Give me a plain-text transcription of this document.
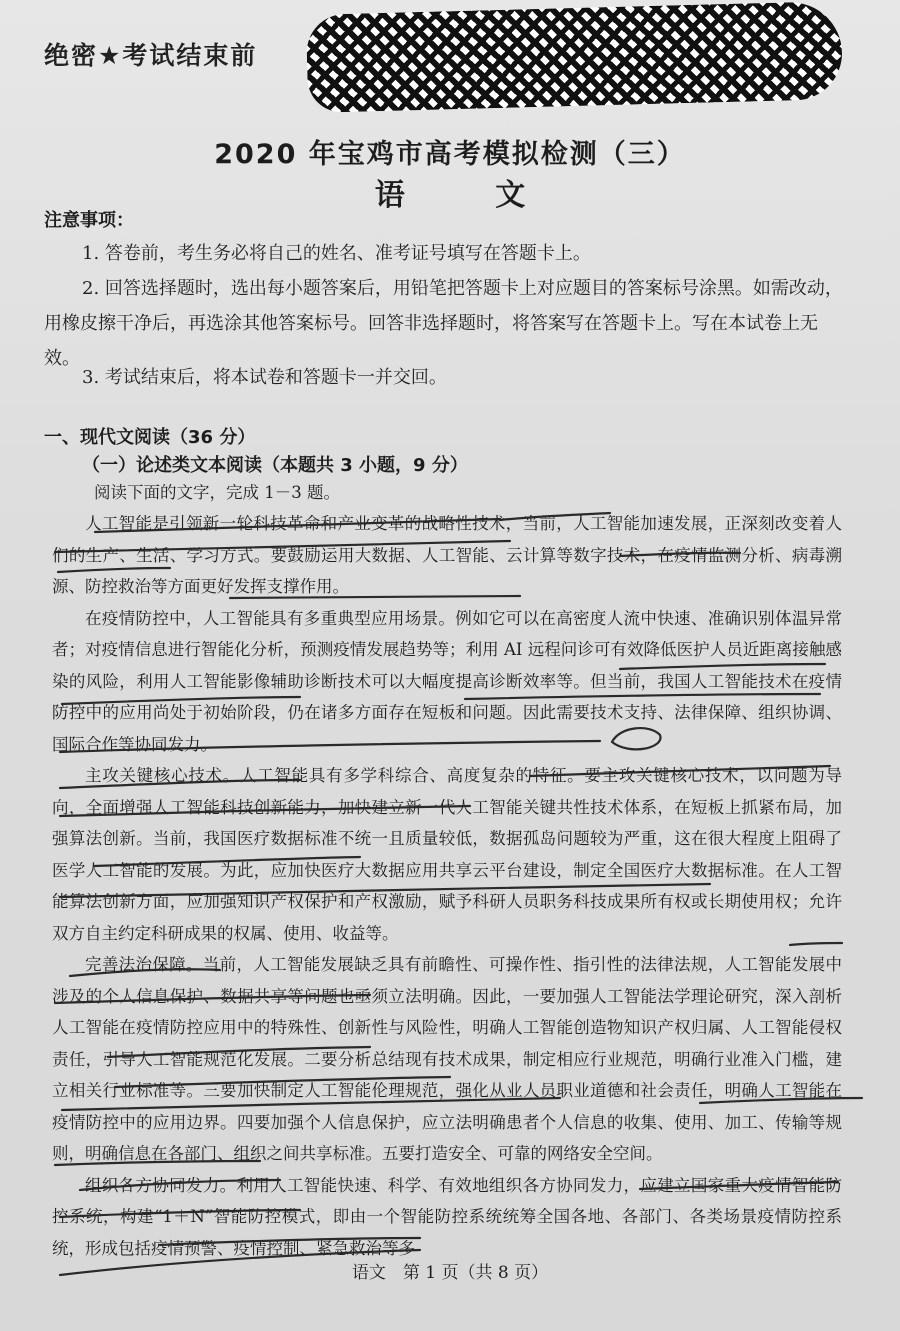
绝密★考试结束前
2020 年宝鸡市高考模拟检测（三）
语 文
注意事项：
1. 答卷前，考生务必将自己的姓名、准考证号填写在答题卡上。
2. 回答选择题时，选出每小题答案后，用铅笔把答题卡上对应题目的答案标号涂黑。如需改动，用橡皮擦干净后，再选涂其他答案标号。回答非选择题时，将答案写在答题卡上。写在本试卷上无效。
3. 考试结束后，将本试卷和答题卡一并交回。
一、现代文阅读（36 分）
（一）论述类文本阅读（本题共 3 小题，9 分）
阅读下面的文字，完成 1－3 题。

人工智能是引领新一轮科技革命和产业变革的战略性技术，当前，人工智能加速发展，正深刻改变着人们的生产、生活、学习方式。要鼓励运用大数据、人工智能、云计算等数字技术，在疫情监测分析、病毒溯源、防控救治等方面更好发挥支撑作用。

在疫情防控中，人工智能具有多重典型应用场景。例如它可以在高密度人流中快速、准确识别体温异常者；对疫情信息进行智能化分析，预测疫情发展趋势等；利用 AI 远程问诊可有效降低医护人员近距离接触感染的风险，利用人工智能影像辅助诊断技术可以大幅度提高诊断效率等。但当前，我国人工智能技术在疫情防控中的应用尚处于初始阶段，仍在诸多方面存在短板和问题。因此需要技术支持、法律保障、组织协调、国际合作等协同发力。

主攻关键核心技术。人工智能具有多学科综合、高度复杂的特征。要主攻关键核心技术，以问题为导向，全面增强人工智能科技创新能力，加快建立新一代人工智能关键共性技术体系，在短板上抓紧布局，加强算法创新。当前，我国医疗数据标准不统一且质量较低，数据孤岛问题较为严重，这在很大程度上阻碍了医学人工智能的发展。为此，应加快医疗大数据应用共享云平台建设，制定全国医疗大数据标准。在人工智能算法创新方面，应加强知识产权保护和产权激励，赋予科研人员职务科技成果所有权或长期使用权；允许双方自主约定科研成果的权属、使用、收益等。

完善法治保障。当前，人工智能发展缺乏具有前瞻性、可操作性、指引性的法律法规，人工智能发展中涉及的个人信息保护、数据共享等问题也亟须立法明确。因此，一要加强人工智能法学理论研究，深入剖析人工智能在疫情防控应用中的特殊性、创新性与风险性，明确人工智能创造物知识产权归属、人工智能侵权责任，引导人工智能规范化发展。二要分析总结现有技术成果，制定相应行业规范，明确行业准入门槛，建立相关行业标准等。三要加快制定人工智能伦理规范，强化从业人员职业道德和社会责任，明确人工智能在疫情防控中的应用边界。四要加强个人信息保护，应立法明确患者个人信息的收集、使用、加工、传输等规则，明确信息在各部门、组织之间共享标准。五要打造安全、可靠的网络安全空间。

组织各方协同发力。利用人工智能快速、科学、有效地组织各方协同发力，应建立国家重大疫情智能防控系统，构建“1＋N”智能防控模式，即由一个智能防控系统统筹全国各地、各部门、各类场景疫情防控系统，形成包括疫情预警、疫情控制、紧急救治等多

语文　第 1 页（共 8 页）
